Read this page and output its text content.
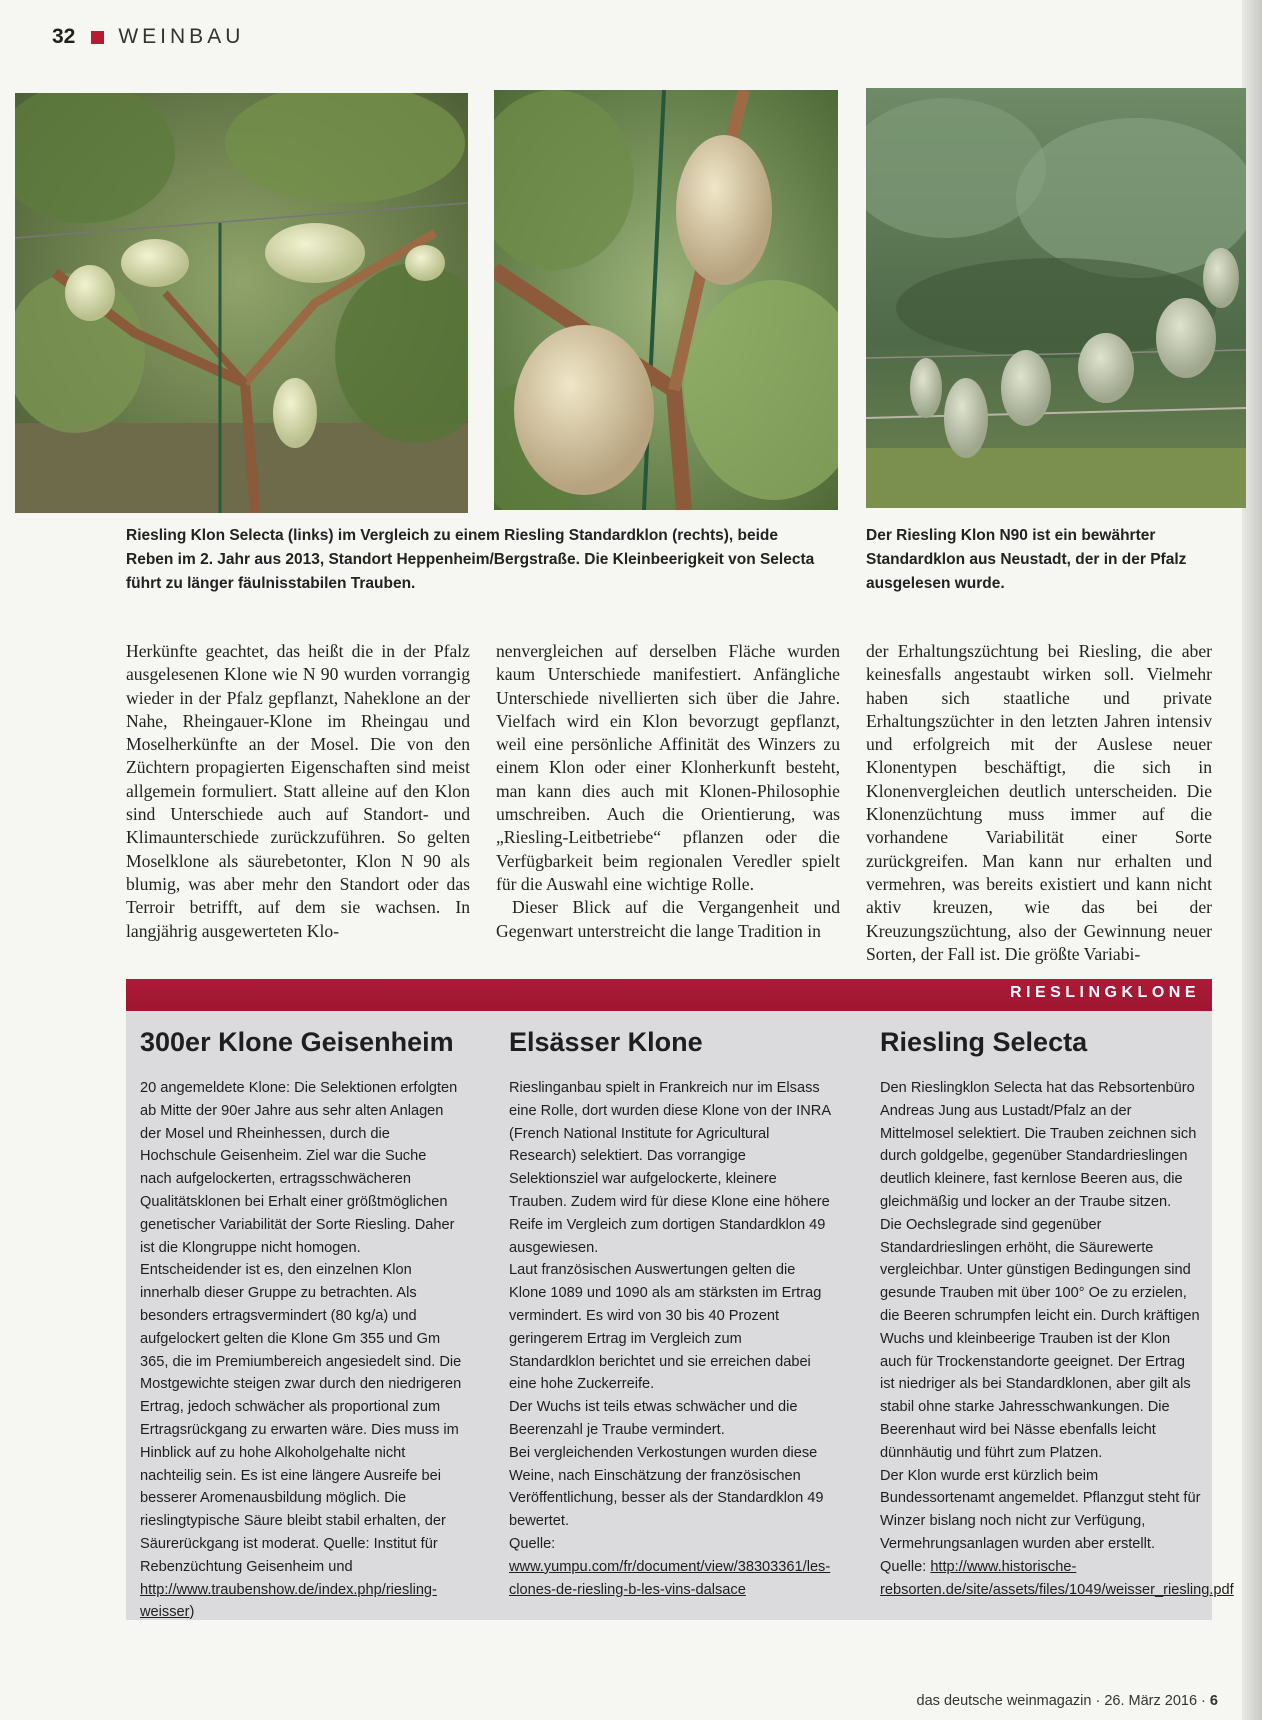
32 WEINBAU
Riesling Klon Selecta (links) im Vergleich zu einem Riesling Standardklon (rechts), beide Reben im 2. Jahr aus 2013, Standort Heppenheim/Bergstraße. Die Kleinbeerigkeit von Selecta führt zu länger fäulnisstabilen Trauben.
Der Riesling Klon N90 ist ein bewährter Standardklon aus Neustadt, der in der Pfalz ausgelesen wurde.

Herkünfte geachtet, das heißt die in der Pfalz ausgelesenen Klone wie N 90 wurden vorrangig wieder in der Pfalz gepflanzt, Naheklone an der Nahe, Rheingauer-Klone im Rheingau und Moselherkünfte an der Mosel. Die von den Züchtern propagierten Eigenschaften sind meist allgemein formuliert. Statt alleine auf den Klon sind Unterschiede auch auf Standort- und Klimaunterschiede zurückzuführen. So gelten Moselklone als säurebetonter, Klon N 90 als blumig, was aber mehr den Standort oder das Terroir betrifft, auf dem sie wachsen. In langjährig ausgewerteten Klo-

nenvergleichen auf derselben Fläche wurden kaum Unterschiede manifestiert. Anfängliche Unterschiede nivellierten sich über die Jahre. Vielfach wird ein Klon bevorzugt gepflanzt, weil eine persönliche Affinität des Winzers zu einem Klon oder einer Klonherkunft besteht, man kann dies auch mit Klonen-Philosophie umschreiben. Auch die Orientierung, was „Riesling-Leitbetriebe“ pflanzen oder die Verfügbarkeit beim regionalen Veredler spielt für die Auswahl eine wichtige Rolle.

Dieser Blick auf die Vergangenheit und Gegenwart unterstreicht die lange Tradition in

der Erhaltungszüchtung bei Riesling, die aber keinesfalls angestaubt wirken soll. Vielmehr haben sich staatliche und private Erhaltungszüchter in den letzten Jahren intensiv und erfolgreich mit der Auslese neuer Klonentypen beschäftigt, die sich in Klonenvergleichen deutlich unterscheiden. Die Klonenzüchtung muss immer auf die vorhandene Variabilität einer Sorte zurückgreifen. Man kann nur erhalten und vermehren, was bereits existiert und kann nicht aktiv kreuzen, wie das bei der Kreuzungszüchtung, also der Gewinnung neuer Sorten, der Fall ist. Die größte Variabi-

RIESLINGKLONE
300er Klone Geisenheim

20 angemeldete Klone: Die Selektionen erfolgten ab Mitte der 90er Jahre aus sehr alten Anlagen der Mosel und Rheinhessen, durch die Hochschule Geisenheim. Ziel war die Suche nach aufgelockerten, ertragsschwächeren Qualitätsklonen bei Erhalt einer größtmöglichen genetischer Variabilität der Sorte Riesling. Daher ist die Klongruppe nicht homogen. Entscheidender ist es, den einzelnen Klon innerhalb dieser Gruppe zu betrachten. Als besonders ertragsvermindert (80 kg/a) und aufgelockert gelten die Klone Gm 355 und Gm 365, die im Premiumbereich angesiedelt sind. Die Mostgewichte steigen zwar durch den niedrigeren Ertrag, jedoch schwächer als proportional zum Ertragsrückgang zu erwarten wäre. Dies muss im Hinblick auf zu hohe Alkoholgehalte nicht nachteilig sein. Es ist eine längere Ausreife bei besserer Aromenausbildung möglich. Die rieslingtypische Säure bleibt stabil erhalten, der Säurerückgang ist moderat. Quelle: Institut für Rebenzüchtung Geisenheim und http://www.traubenshow.de/index.php/riesling-weisser)

Elsässer Klone

Rieslinganbau spielt in Frankreich nur im Elsass eine Rolle, dort wurden diese Klone von der INRA (French National Institute for Agricultural Research) selektiert. Das vorrangige Selektionsziel war aufgelockerte, kleinere Trauben. Zudem wird für diese Klone eine höhere Reife im Vergleich zum dortigen Standardklon 49 ausgewiesen.

Laut französischen Auswertungen gelten die Klone 1089 und 1090 als am stärksten im Ertrag vermindert. Es wird von 30 bis 40 Prozent geringerem Ertrag im Vergleich zum Standardklon berichtet und sie erreichen dabei eine hohe Zuckerreife.

Der Wuchs ist teils etwas schwächer und die Beerenzahl je Traube vermindert.

Bei vergleichenden Verkostungen wurden diese Weine, nach Einschätzung der französischen Veröffentlichung, besser als der Standardklon 49 bewertet.

Quelle: www.yumpu.com/fr/document/view/38303361/les-clones-de-riesling-b-les-vins-dalsace

Riesling Selecta

Den Rieslingklon Selecta hat das Rebsortenbüro Andreas Jung aus Lustadt/Pfalz an der Mittelmosel selektiert. Die Trauben zeichnen sich durch goldgelbe, gegenüber Standardrieslingen deutlich kleinere, fast kernlose Beeren aus, die gleichmäßig und locker an der Traube sitzen.

Die Oechslegrade sind gegenüber Standardrieslingen erhöht, die Säurewerte vergleichbar. Unter günstigen Bedingungen sind gesunde Trauben mit über 100° Oe zu erzielen, die Beeren schrumpfen leicht ein. Durch kräftigen Wuchs und kleinbeerige Trauben ist der Klon auch für Trockenstandorte geeignet. Der Ertrag ist niedriger als bei Standardklonen, aber gilt als stabil ohne starke Jahresschwankungen. Die Beerenhaut wird bei Nässe ebenfalls leicht dünnhäutig und führt zum Platzen.

Der Klon wurde erst kürzlich beim Bundessortenamt angemeldet. Pflanzgut steht für Winzer bislang noch nicht zur Verfügung, Vermehrungsanlagen wurden aber erstellt.

Quelle: http://www.historische-rebsorten.de/site/assets/files/1049/weisser_riesling.pdf

das deutsche weinmagazin · 26. März 2016 · 6
